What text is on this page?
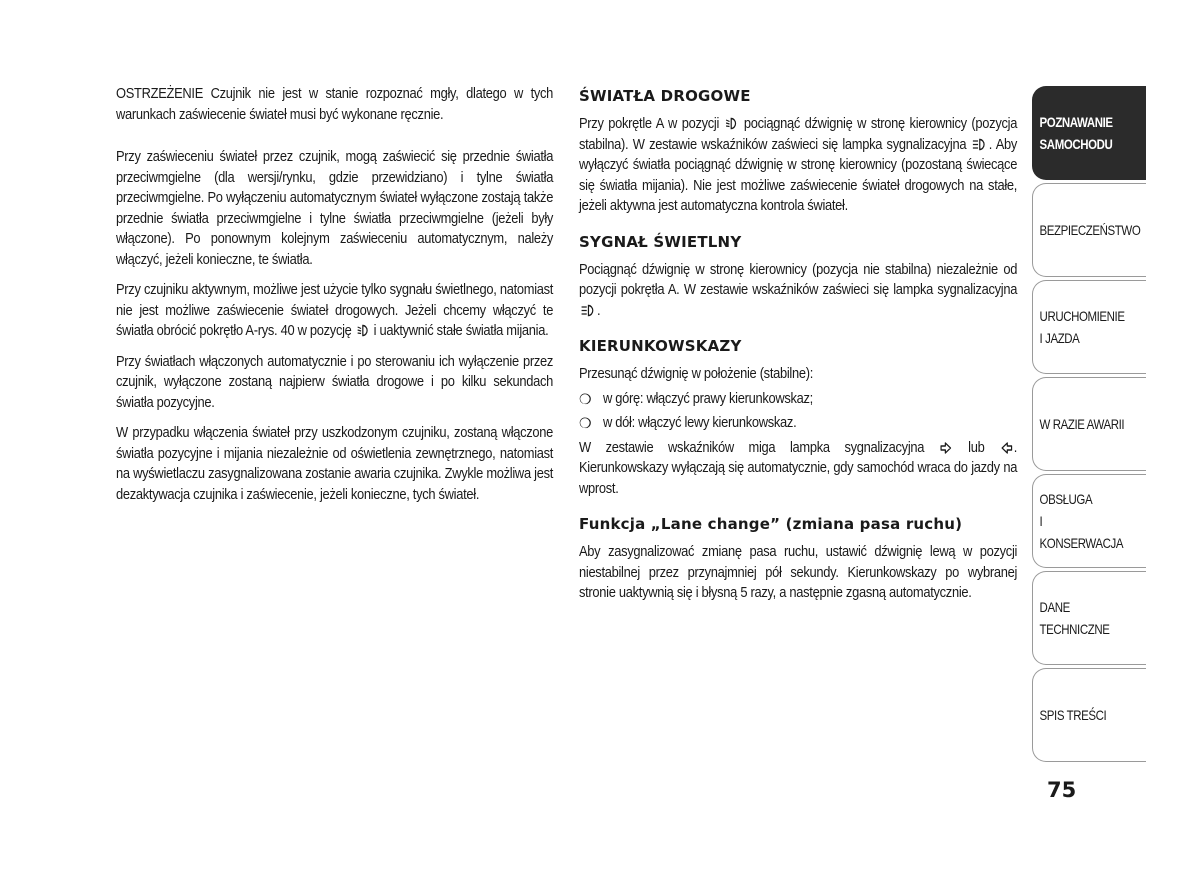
OSTRZEŻENIE Czujnik nie jest w stanie rozpoznać mgły, dlatego w tych warunkach zaświecenie świateł musi być wykonane ręcznie.

Przy zaświeceniu świateł przez czujnik, mogą zaświecić się przednie światła przeciwmgielne (dla wersji/rynku, gdzie przewidziano) i tylne światła przeciwmgielne. Po wyłączeniu automatycznym świateł wyłączone zostają także przednie światła przeciwmgielne i tylne światła przeciwmgielne (jeżeli były włączone). Po ponownym kolejnym zaświeceniu automatycznym, należy włączyć, jeżeli konieczne, te światła.

Przy czujniku aktywnym, możliwe jest użycie tylko sygnału świetlnego, natomiast nie jest możliwe zaświecenie świateł drogowych. Jeżeli chcemy włączyć te światła obrócić pokrętło A-rys. 40 w pozycję i uaktywnić stałe światła mijania.

Przy światłach włączonych automatycznie i po sterowaniu ich wyłączenie przez czujnik, wyłączone zostaną najpierw światła drogowe i po kilku sekundach światła pozycyjne.

W przypadku włączenia świateł przy uszkodzonym czujniku, zostaną włączone światła pozycyjne i mijania niezależnie od oświetlenia zewnętrznego, natomiast na wyświetlaczu zasygnalizowana zostanie awaria czujnika. Zwykle możliwa jest dezaktywacja czujnika i zaświecenie, jeżeli konieczne, tych świateł.

ŚWIATŁA DROGOWE

Przy pokrętle A w pozycji pociągnąć dźwignię w stronę kierownicy (pozycja stabilna). W zestawie wskaźników zaświeci się lampka sygnalizacyjna . Aby wyłączyć światła pociągnąć dźwignię w stronę kierownicy (pozostaną świecące się światła mijania). Nie jest możliwe zaświecenie świateł drogowych na stałe, jeżeli aktywna jest automatyczna kontrola świateł.

SYGNAŁ ŚWIETLNY

Pociągnąć dźwignię w stronę kierownicy (pozycja nie stabilna) niezależnie od pozycji pokrętła A. W zestawie wskaźników zaświeci się lampka sygnalizacyjna .

KIERUNKOWSKAZY

Przesunąć dźwignię w położenie (stabilne):

❍ w górę: włączyć prawy kierunkowskaz;

❍ w dół: włączyć lewy kierunkowskaz.

W zestawie wskaźników miga lampka sygnalizacyjna	lub . Kierunkowskazy wyłączają się automatycznie, gdy samochód wraca do jazdy na wprost.

Funkcja „Lane change” (zmiana pasa ruchu)

Aby zasygnalizować zmianę pasa ruchu, ustawić dźwignię lewą w pozycji niestabilnej przez przynajmniej pół sekundy. Kierunkowskazy po wybranej stronie uaktywnią się i błysną 5 razy, a następnie zgasną automatycznie.

POZNAWANIE
SAMOCHODU
BEZPIECZEŃSTWO
URUCHOMIENIE
I JAZDA
W RAZIE AWARII
OBSŁUGA
I KONSERWACJA
DANE
TECHNICZNE
SPIS TREŚCI
75
